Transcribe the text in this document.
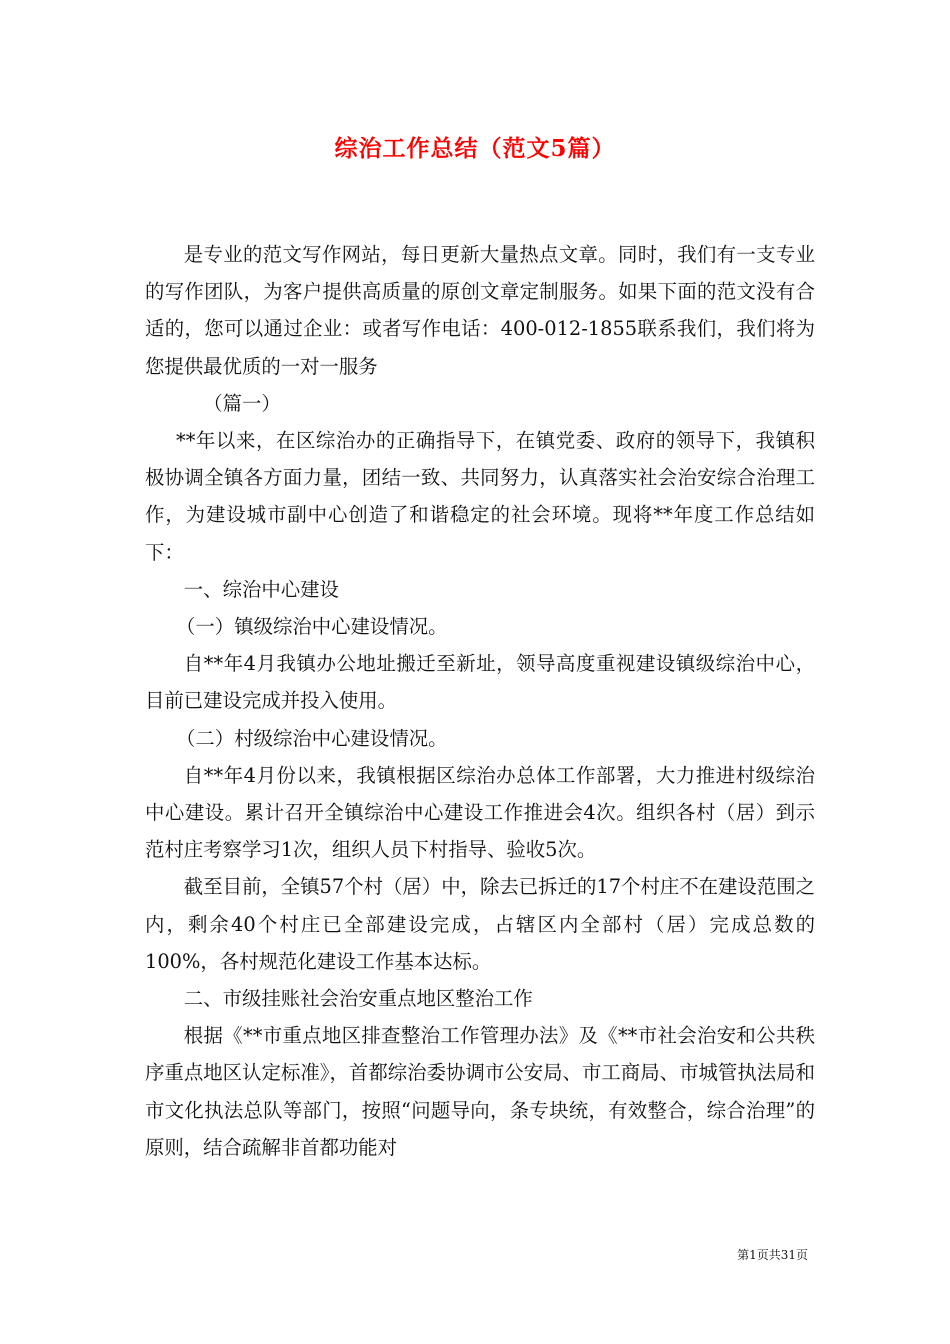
综治工作总结（范文5篇）

是专业的范文写作网站，每日更新大量热点文章。同时，我们有一支专业的写作团队，为客户提供高质量的原创文章定制服务。如果下面的范文没有合适的，您可以通过企业：或者写作电话：400-012-1855联系我们，我们将为您提供最优质的一对一服务

（篇一）

**年以来，在区综治办的正确指导下，在镇党委、政府的领导下，我镇积极协调全镇各方面力量，团结一致、共同努力，认真落实社会治安综合治理工作，为建设城市副中心创造了和谐稳定的社会环境。现将**年度工作总结如下：

一、综治中心建设

（一）镇级综治中心建设情况。

自**年4月我镇办公地址搬迁至新址，领导高度重视建设镇级综治中心，目前已建设完成并投入使用。

（二）村级综治中心建设情况。

自**年4月份以来，我镇根据区综治办总体工作部署，大力推进村级综治中心建设。累计召开全镇综治中心建设工作推进会4次。组织各村（居）到示范村庄考察学习1次，组织人员下村指导、验收5次。

截至目前，全镇57个村（居）中，除去已拆迁的17个村庄不在建设范围之内，剩余40个村庄已全部建设完成，占辖区内全部村（居）完成总数的100%，各村规范化建设工作基本达标。

二、市级挂账社会治安重点地区整治工作

根据《**市重点地区排查整治工作管理办法》及《**市社会治安和公共秩序重点地区认定标准》，首都综治委协调市公安局、市工商局、市城管执法局和市文化执法总队等部门，按照“问题导向，条专块统，有效整合，综合治理”的原则，结合疏解非首都功能对

第1页共31页
